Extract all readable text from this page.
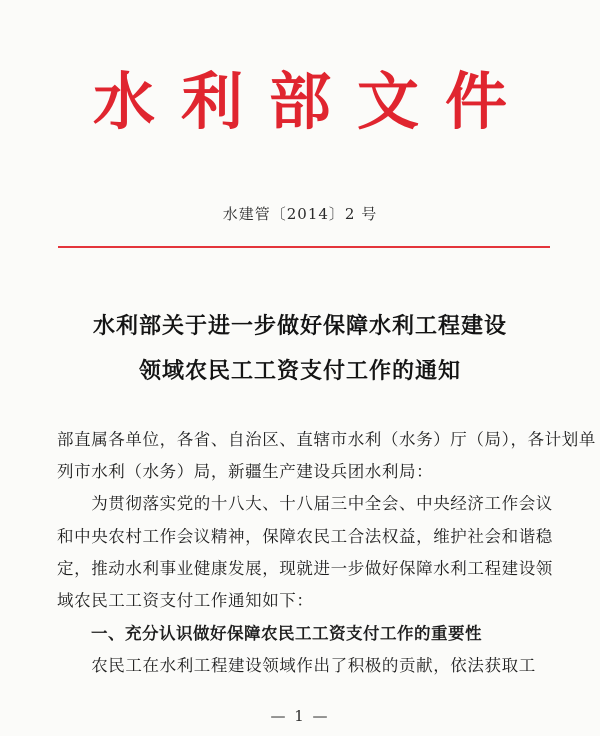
水 利 部 文 件
水建管〔2014〕2 号
水利部关于进一步做好保障水利工程建设
领域农民工工资支付工作的通知
部直属各单位，各省、自治区、直辖市水利（水务）厅（局），各计划单
列市水利（水务）局，新疆生产建设兵团水利局：
　　为贯彻落实党的十八大、十八届三中全会、中央经济工作会议
和中央农村工作会议精神，保障农民工合法权益，维护社会和谐稳
定，推动水利事业健康发展，现就进一步做好保障水利工程建设领
域农民工工资支付工作通知如下：
　　一、充分认识做好保障农民工工资支付工作的重要性
　　农民工在水利工程建设领域作出了积极的贡献，依法获取工
— 1 —
